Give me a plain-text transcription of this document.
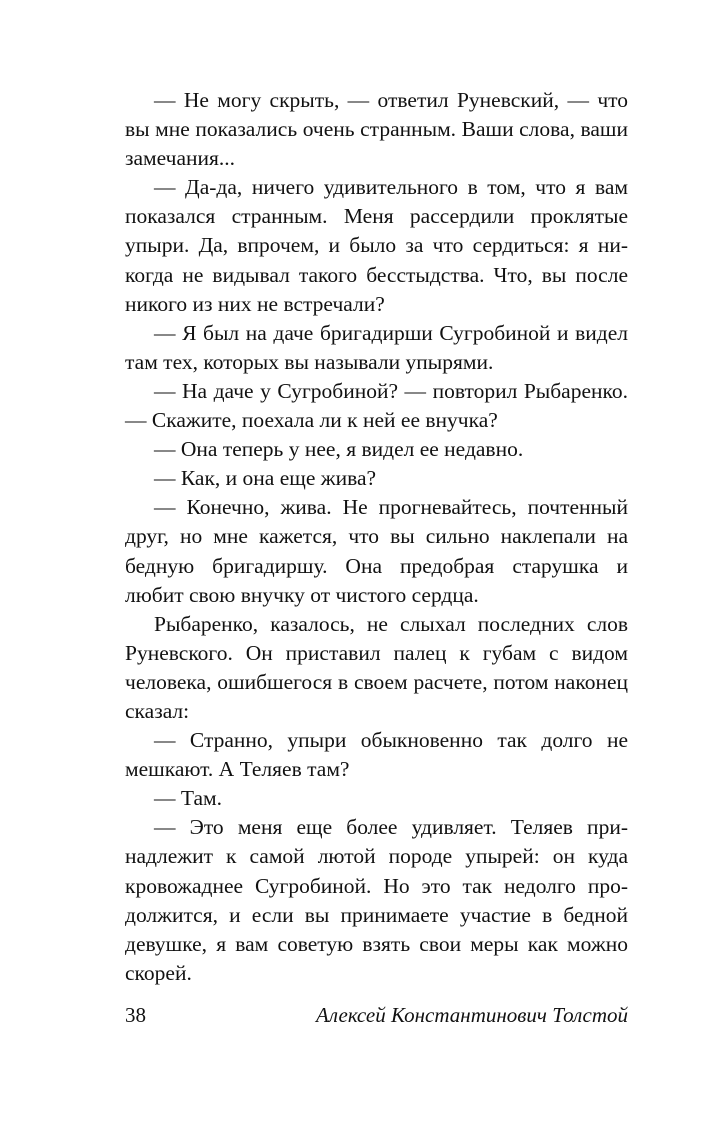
— Не могу скрыть, — ответил Руневский, — что вы мне показались очень странным. Ваши слова, ваши замечания...

— Да-да, ничего удивительного в том, что я вам показался странным. Меня рассердили проклятые упыри. Да, впрочем, и было за что сердиться: я никогда не видывал такого бесстыдства. Что, вы после никого из них не встречали?

— Я был на даче бригадирши Сугробиной и видел там тех, которых вы называли упырями.

— На даче у Сугробиной? — повторил Рыбаренко. — Скажите, поехала ли к ней ее внучка?

— Она теперь у нее, я видел ее недавно.

— Как, и она еще жива?

— Конечно, жива. Не прогневайтесь, почтенный друг, но мне кажется, что вы сильно наклепали на бедную бригадиршу. Она предобрая старушка и любит свою внучку от чистого сердца.

Рыбаренко, казалось, не слыхал последних слов Руневского. Он приставил палец к губам с видом человека, ошибшегося в своем расчете, потом наконец сказал:

— Странно, упыри обыкновенно так долго не мешкают. А Теляев там?

— Там.

— Это меня еще более удивляет. Теляев принадлежит к самой лютой породе упырей: он куда кровожаднее Сугробиной. Но это так недолго продолжится, и если вы принимаете участие в бедной девушке, я вам советую взять свои меры как можно скорей.

38	Алексей Константинович Толстой
